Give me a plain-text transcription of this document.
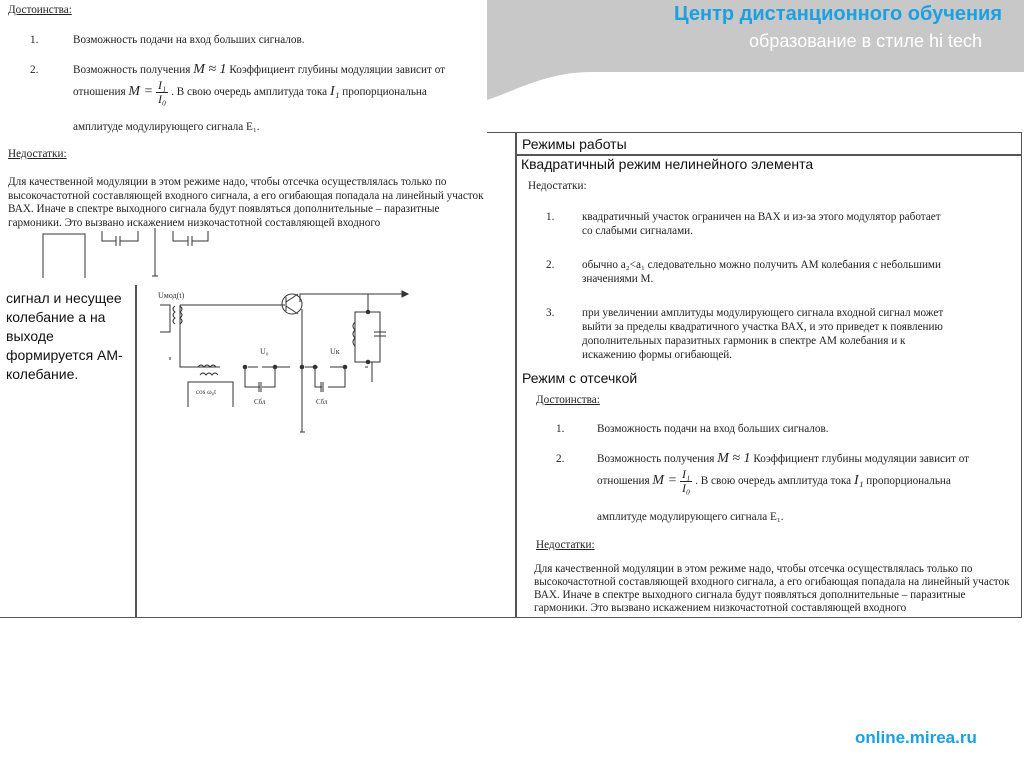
Центр дистанционного обучения
образование в стиле hi tech
Режимы работы
сигнал и несущее колебание а на выходе формируется АМ-колебание.
Квадратичный режим нелинейного элемента
Недостатки:
1. квадратичный участок ограничен на ВАХ и из-за этого модулятор работает со слабыми сигналами.
2. обычно a₂<a₁ следовательно можно получить АМ колебания с небольшими значениями М.
3. при увеличении амплитуды модулирующего сигнала входной сигнал может выйти за пределы квадратичного участка ВАХ, и это приведет к появлению дополнительных паразитных гармоник в спектре АМ колебания и к искажению формы огибающей.
Режим с отсечкой
Достоинства:
1.	Возможность подачи на вход больших сигналов.
2.	Возможность получения M ≈ 1 Коэффициент глубины модуляции зависит от
отношения $M = \frac{\text{I₁}}{\text{I₀}}$ . В свою очередь амплитуда тока I₁ пропорциональна
амплитуде модулирующего сигнала E₁.
Недостатки:
Для качественной модуляции в этом режиме надо, чтобы отсечка осуществлялась только по высокочастотной составляющей входного сигнала, а его огибающая попадала на линейный участок ВАХ. Иначе в спектре выходного сигнала будут появляться дополнительные – паразитные гармоники. Это вызвано искажением низкочастотной составляющей входного
Uмод(t)
cos ω₀t
Cбл	Cбл
U₀	Uк
Достоинства:
1.	Возможность подачи на вход больших сигналов.
2.	Возможность получения M ≈ 1 Коэффициент глубины модуляции зависит от
отношения $M = \frac{\text{I₁}}{\text{I₀}}$ . В свою очередь амплитуда тока I₁ пропорциональна
амплитуде модулирующего сигнала E₁.
Недостатки:
Для качественной модуляции в этом режиме надо, чтобы отсечка осуществлялась только по высокочастотной составляющей входного сигнала, а его огибающая попадала на линейный участок ВАХ. Иначе в спектре выходного сигнала будут появляться дополнительные – паразитные гармоники. Это вызвано искажением низкочастотной составляющей входного
online.mirea.ru
